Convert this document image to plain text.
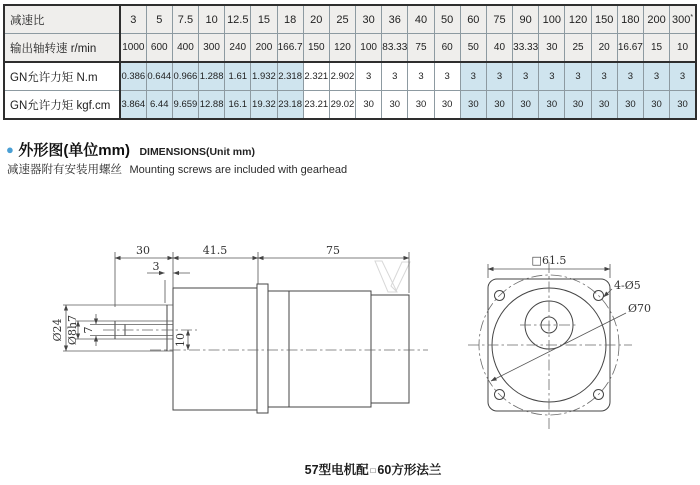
减速比	3	5	7.5	10	12.5	15	18	20	25	30	36	40	50	60	75	90	100	120	150	180	200	300*
输出轴转速 r/min	1000	600	400	300	240	200	166.7	150	120	100	83.33	75	60	50	40	33.33	30	25	20	16.67	15	10
GN允许力矩 N.m	0.386	0.644	0.966	1.288	1.61	1.932	2.318	2.321	2.902	3	3	3	3	3	3	3	3	3	3	3	3	3
GN允许力矩 kgf.cm	3.864	6.44	9.659	12.88	16.1	19.32	23.18	23.21	29.02	30	30	30	30	30	30	30	30	30	30	30	30	30
● 外形图(单位mm) DIMENSIONS(Unit mm)
减速器附有安装用螺丝 Mounting screws are included with gearhead
30	41.5	75
3
Ø24 Ø8h7 7
10
□61.5
4-Ø5
Ø70
57型电机配 □ 60方形法兰
